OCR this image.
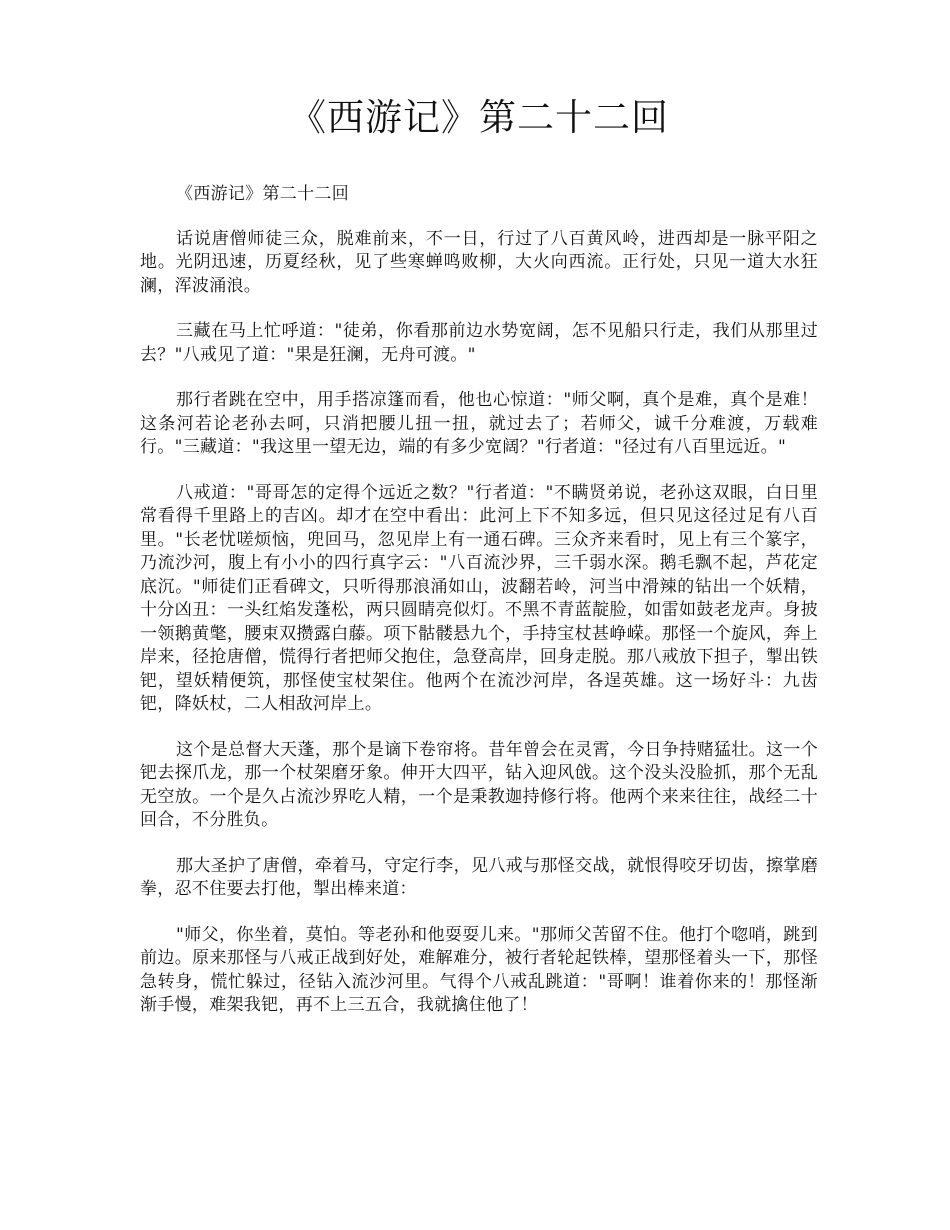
《西游记》第二十二回

《西游记》第二十二回

话说唐僧师徒三众，脱难前来，不一日，行过了八百黄风岭，进西却是一脉平阳之地。光阴迅速，历夏经秋，见了些寒蝉鸣败柳，大火向西流。正行处，只见一道大水狂澜，浑波涌浪。

三藏在马上忙呼道："徒弟，你看那前边水势宽阔，怎不见船只行走，我们从那里过去？"八戒见了道："果是狂澜，无舟可渡。"

那行者跳在空中，用手搭凉篷而看，他也心惊道："师父啊，真个是难，真个是难！这条河若论老孙去呵，只消把腰儿扭一扭，就过去了；若师父，诚千分难渡，万载难行。"三藏道："我这里一望无边，端的有多少宽阔？"行者道："径过有八百里远近。"

八戒道："哥哥怎的定得个远近之数？"行者道："不瞒贤弟说，老孙这双眼，白日里常看得千里路上的吉凶。却才在空中看出：此河上下不知多远，但只见这径过足有八百里。"长老忧嗟烦恼，兜回马，忽见岸上有一通石碑。三众齐来看时，见上有三个篆字，乃流沙河，腹上有小小的四行真字云："八百流沙界，三千弱水深。鹅毛飘不起，芦花定底沉。"师徒们正看碑文，只听得那浪涌如山，波翻若岭，河当中滑辣的钻出一个妖精，十分凶丑：一头红焰发蓬松，两只圆睛亮似灯。不黑不青蓝靛脸，如雷如鼓老龙声。身披一领鹅黄氅，腰束双攒露白藤。项下骷髅悬九个，手持宝杖甚峥嵘。那怪一个旋风，奔上岸来，径抢唐僧，慌得行者把师父抱住，急登高岸，回身走脱。那八戒放下担子，掣出铁钯，望妖精便筑，那怪使宝杖架住。他两个在流沙河岸，各逞英雄。这一场好斗：九齿钯，降妖杖，二人相敌河岸上。

这个是总督大天蓬，那个是谪下卷帘将。昔年曾会在灵霄，今日争持赌猛壮。这一个钯去探爪龙，那一个杖架磨牙象。伸开大四平，钻入迎风戗。这个没头没脸抓，那个无乱无空放。一个是久占流沙界吃人精，一个是秉教迦持修行将。他两个来来往往，战经二十回合，不分胜负。

那大圣护了唐僧，牵着马，守定行李，见八戒与那怪交战，就恨得咬牙切齿，擦掌磨拳，忍不住要去打他，掣出棒来道：

"师父，你坐着，莫怕。等老孙和他耍耍儿来。"那师父苦留不住。他打个唿哨，跳到前边。原来那怪与八戒正战到好处，难解难分，被行者轮起铁棒，望那怪着头一下，那怪急转身，慌忙躲过，径钻入流沙河里。气得个八戒乱跳道："哥啊！谁着你来的！那怪渐渐手慢，难架我钯，再不上三五合，我就擒住他了！
